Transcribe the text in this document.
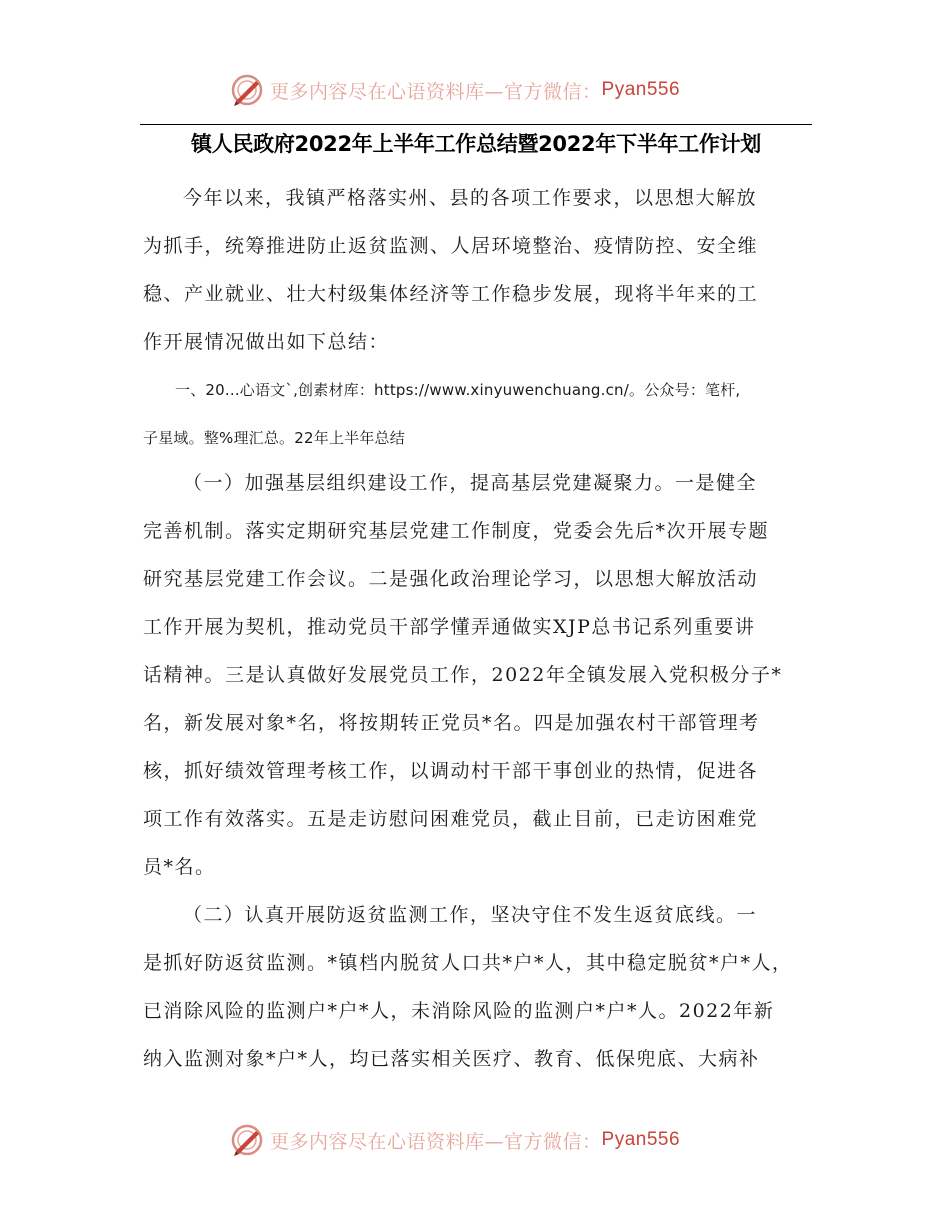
更多内容尽在心语资料库—官方微信： Pyan556
镇人民政府2022年上半年工作总结暨2022年下半年工作计划
今年以来，我镇严格落实州、县的各项工作要求，以思想大解放
为抓手，统筹推进防止返贫监测、人居环境整治、疫情防控、安全维
稳、产业就业、壮大村级集体经济等工作稳步发展，现将半年来的工
作开展情况做出如下总结：
一、20...心语文`,创素材库：https://www.xinyuwenchuang.cn/。公众号：笔杆,
子星域。整%理汇总。22年上半年总结
（一）加强基层组织建设工作，提高基层党建凝聚力。一是健全
完善机制。落实定期研究基层党建工作制度，党委会先后*次开展专题
研究基层党建工作会议。二是强化政治理论学习，以思想大解放活动
工作开展为契机，推动党员干部学懂弄通做实XJP总书记系列重要讲
话精神。三是认真做好发展党员工作，2022年全镇发展入党积极分子*
名，新发展对象*名，将按期转正党员*名。四是加强农村干部管理考
核，抓好绩效管理考核工作，以调动村干部干事创业的热情，促进各
项工作有效落实。五是走访慰问困难党员，截止目前，已走访困难党
员*名。
（二）认真开展防返贫监测工作，坚决守住不发生返贫底线。一
是抓好防返贫监测。*镇档内脱贫人口共*户*人，其中稳定脱贫*户*人，
已消除风险的监测户*户*人，未消除风险的监测户*户*人。2022年新
纳入监测对象*户*人，均已落实相关医疗、教育、低保兜底、大病补
更多内容尽在心语资料库—官方微信： Pyan556
